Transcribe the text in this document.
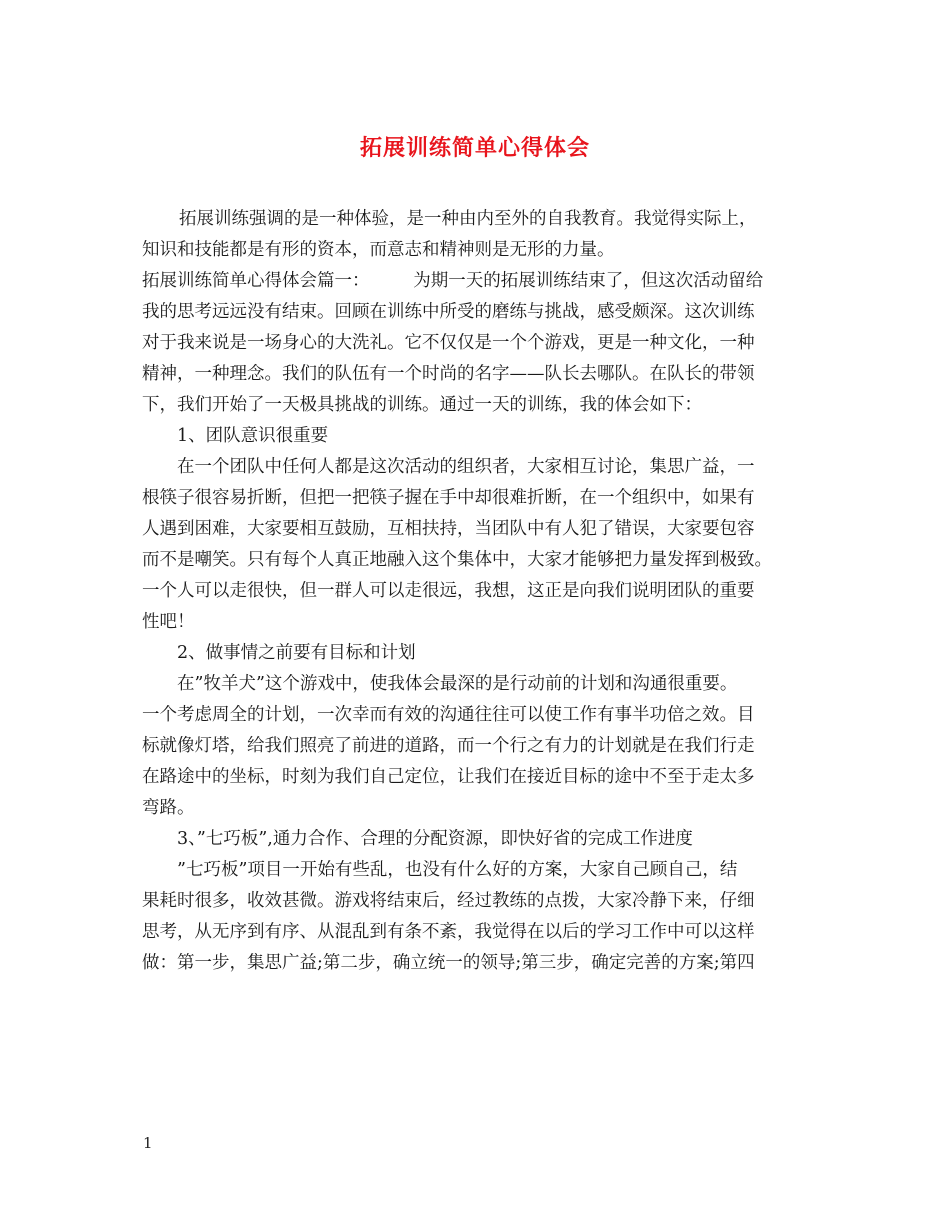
拓展训练简单心得体会
拓展训练强调的是一种体验，是一种由内至外的自我教育。我觉得实际上，
知识和技能都是有形的资本，而意志和精神则是无形的力量。
拓展训练简单心得体会篇一：　　　为期一天的拓展训练结束了，但这次活动留给
我的思考远远没有结束。回顾在训练中所受的磨练与挑战，感受颇深。这次训练
对于我来说是一场身心的大洗礼。它不仅仅是一个个游戏，更是一种文化，一种
精神，一种理念。我们的队伍有一个时尚的名字——队长去哪队。在队长的带领
下，我们开始了一天极具挑战的训练。通过一天的训练，我的体会如下：
1、团队意识很重要
在一个团队中任何人都是这次活动的组织者，大家相互讨论，集思广益，一
根筷子很容易折断，但把一把筷子握在手中却很难折断，在一个组织中，如果有
人遇到困难，大家要相互鼓励，互相扶持，当团队中有人犯了错误，大家要包容
而不是嘲笑。只有每个人真正地融入这个集体中，大家才能够把力量发挥到极致。
一个人可以走很快，但一群人可以走很远，我想，这正是向我们说明团队的重要
性吧！
2、做事情之前要有目标和计划
在”牧羊犬”这个游戏中，使我体会最深的是行动前的计划和沟通很重要。
一个考虑周全的计划，一次幸而有效的沟通往往可以使工作有事半功倍之效。目
标就像灯塔，给我们照亮了前进的道路，而一个行之有力的计划就是在我们行走
在路途中的坐标，时刻为我们自己定位，让我们在接近目标的途中不至于走太多
弯路。
3、”七巧板”,通力合作、合理的分配资源，即快好省的完成工作进度
”七巧板”项目一开始有些乱，也没有什么好的方案，大家自己顾自己，结
果耗时很多，收效甚微。游戏将结束后，经过教练的点拨，大家冷静下来，仔细
思考，从无序到有序、从混乱到有条不紊，我觉得在以后的学习工作中可以这样
做：第一步，集思广益;第二步，确立统一的领导;第三步，确定完善的方案;第四
1
